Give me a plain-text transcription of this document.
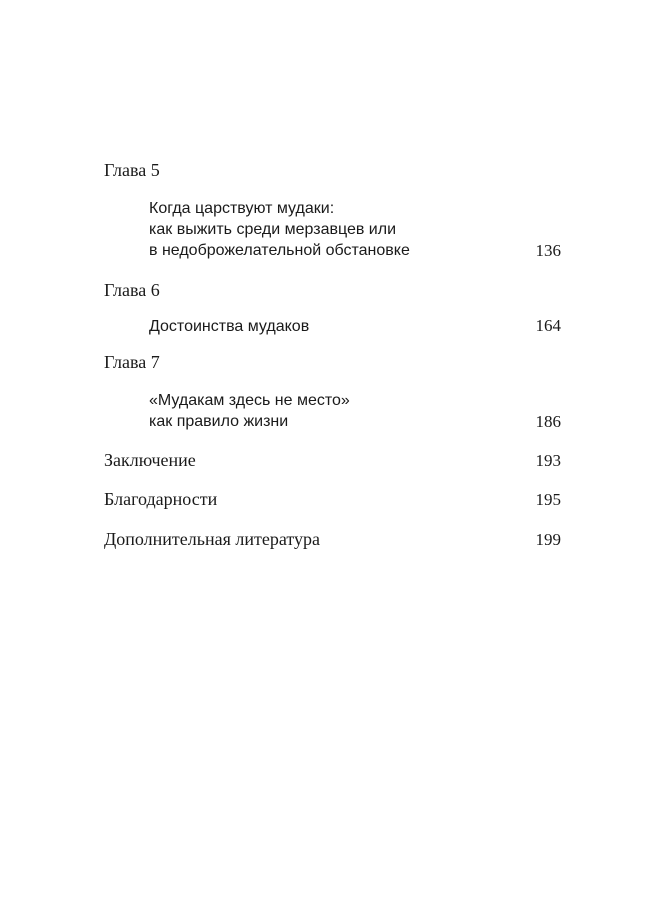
Глава 5
Когда царствуют мудаки:
как выжить среди мерзавцев или
в недоброжелательной обстановке	136
Глава 6
Достоинства мудаков	164
Глава 7
«Мудакам здесь не место»
как правило жизни	186
Заключение	193
Благодарности	195
Дополнительная литература	199
